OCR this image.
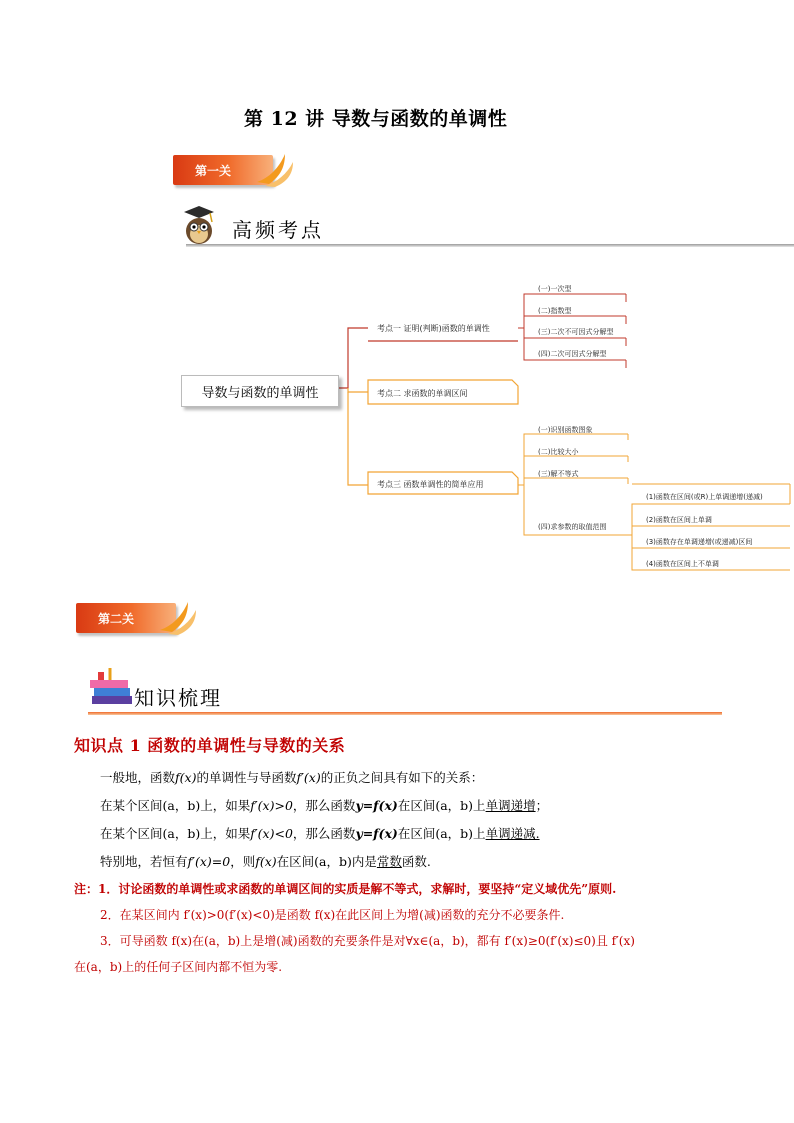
第 12 讲 导数与函数的单调性
第一关
高频考点
导数与函数的单调性
考点一 证明(判断)函数的单调性
考点二 求函数的单调区间
考点三 函数单调性的简单应用
(一)一次型
(二)指数型
(三)二次不可因式分解型
(四)二次可因式分解型
(一)识别函数图象
(二)比较大小
(三)解不等式
(四)求参数的取值范围
(1)函数在区间(或R)上单调递增(递减)
(2)函数在区间上单调
(3)函数存在单调递增(或递减)区间
(4)函数在区间上不单调
第二关
知识梳理
知识点 1 函数的单调性与导数的关系
一般地，函数f(x)的单调性与导函数f′(x)的正负之间具有如下的关系：
在某个区间(a，b)上，如果f′(x)>0，那么函数y=f(x)在区间(a，b)上单调递增；
在某个区间(a，b)上，如果f′(x)<0，那么函数y=f(x)在区间(a，b)上单调递减.
特别地，若恒有f′(x)=0，则f(x)在区间(a，b)内是常数函数.
注：1．讨论函数的单调性或求函数的单调区间的实质是解不等式，求解时，要坚持“定义域优先”原则.
2．在某区间内 f′(x)>0(f′(x)<0)是函数 f(x)在此区间上为增(减)函数的充分不必要条件.
3．可导函数 f(x)在(a，b)上是增(减)函数的充要条件是对∀x∈(a，b)，都有 f′(x)≥0(f′(x)≤0)且 f′(x)
在(a，b)上的任何子区间内都不恒为零.
